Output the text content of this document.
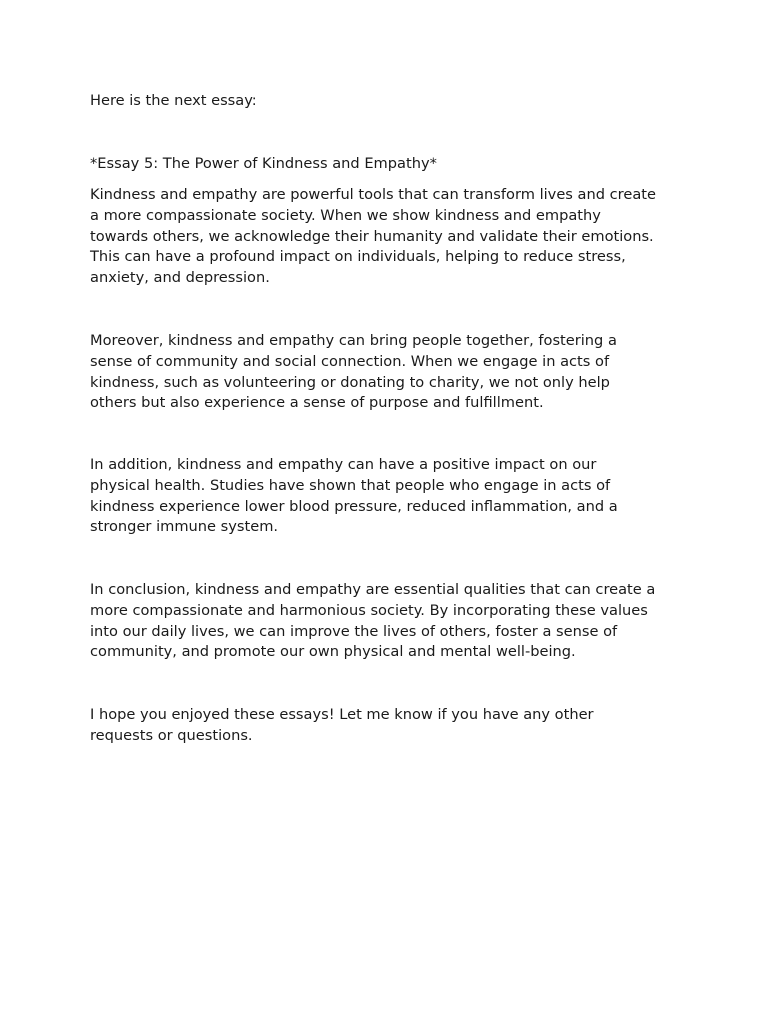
Here is the next essay:

*Essay 5: The Power of Kindness and Empathy*

Kindness and empathy are powerful tools that can transform lives and create
a more compassionate society. When we show kindness and empathy
towards others, we acknowledge their humanity and validate their emotions.
This can have a profound impact on individuals, helping to reduce stress,
anxiety, and depression.

Moreover, kindness and empathy can bring people together, fostering a
sense of community and social connection. When we engage in acts of
kindness, such as volunteering or donating to charity, we not only help
others but also experience a sense of purpose and fulfillment.

In addition, kindness and empathy can have a positive impact on our
physical health. Studies have shown that people who engage in acts of
kindness experience lower blood pressure, reduced inflammation, and a
stronger immune system.

In conclusion, kindness and empathy are essential qualities that can create a
more compassionate and harmonious society. By incorporating these values
into our daily lives, we can improve the lives of others, foster a sense of
community, and promote our own physical and mental well-being.

I hope you enjoyed these essays! Let me know if you have any other
requests or questions.
